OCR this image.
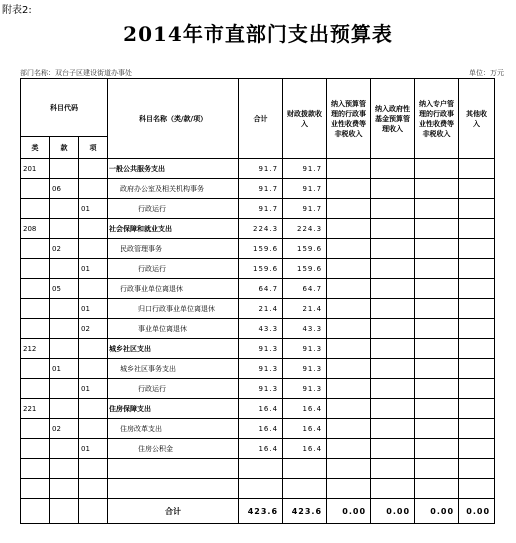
附表2:
2014年市直部门支出预算表
部门名称：双台子区建设街道办事处	单位：万元
科目代码			科目名称（类/款/项）	合计	财政拨款收入	纳入预算管理的行政事业性收费等非税收入	纳入政府性基金预算管理收入	纳入专户管理的行政事业性收费等非税收入	其他收入
类	款	项							
201			一般公共服务支出	91.7	91.7				
	06		政府办公室及相关机构事务	91.7	91.7				
		01	行政运行	91.7	91.7				
208			社会保障和就业支出	224.3	224.3				
	02		民政管理事务	159.6	159.6				
		01	行政运行	159.6	159.6				
	05		行政事业单位离退休	64.7	64.7				
		01	归口行政事业单位离退休	21.4	21.4				
		02	事业单位离退休	43.3	43.3				
212			城乡社区支出	91.3	91.3				
	01		城乡社区事务支出	91.3	91.3				
		01	行政运行	91.3	91.3				
221			住房保障支出	16.4	16.4				
	02		住房改革支出	16.4	16.4				
		01	住房公积金	16.4	16.4				

			合计	423.6	423.6	0.00	0.00	0.00	0.00
